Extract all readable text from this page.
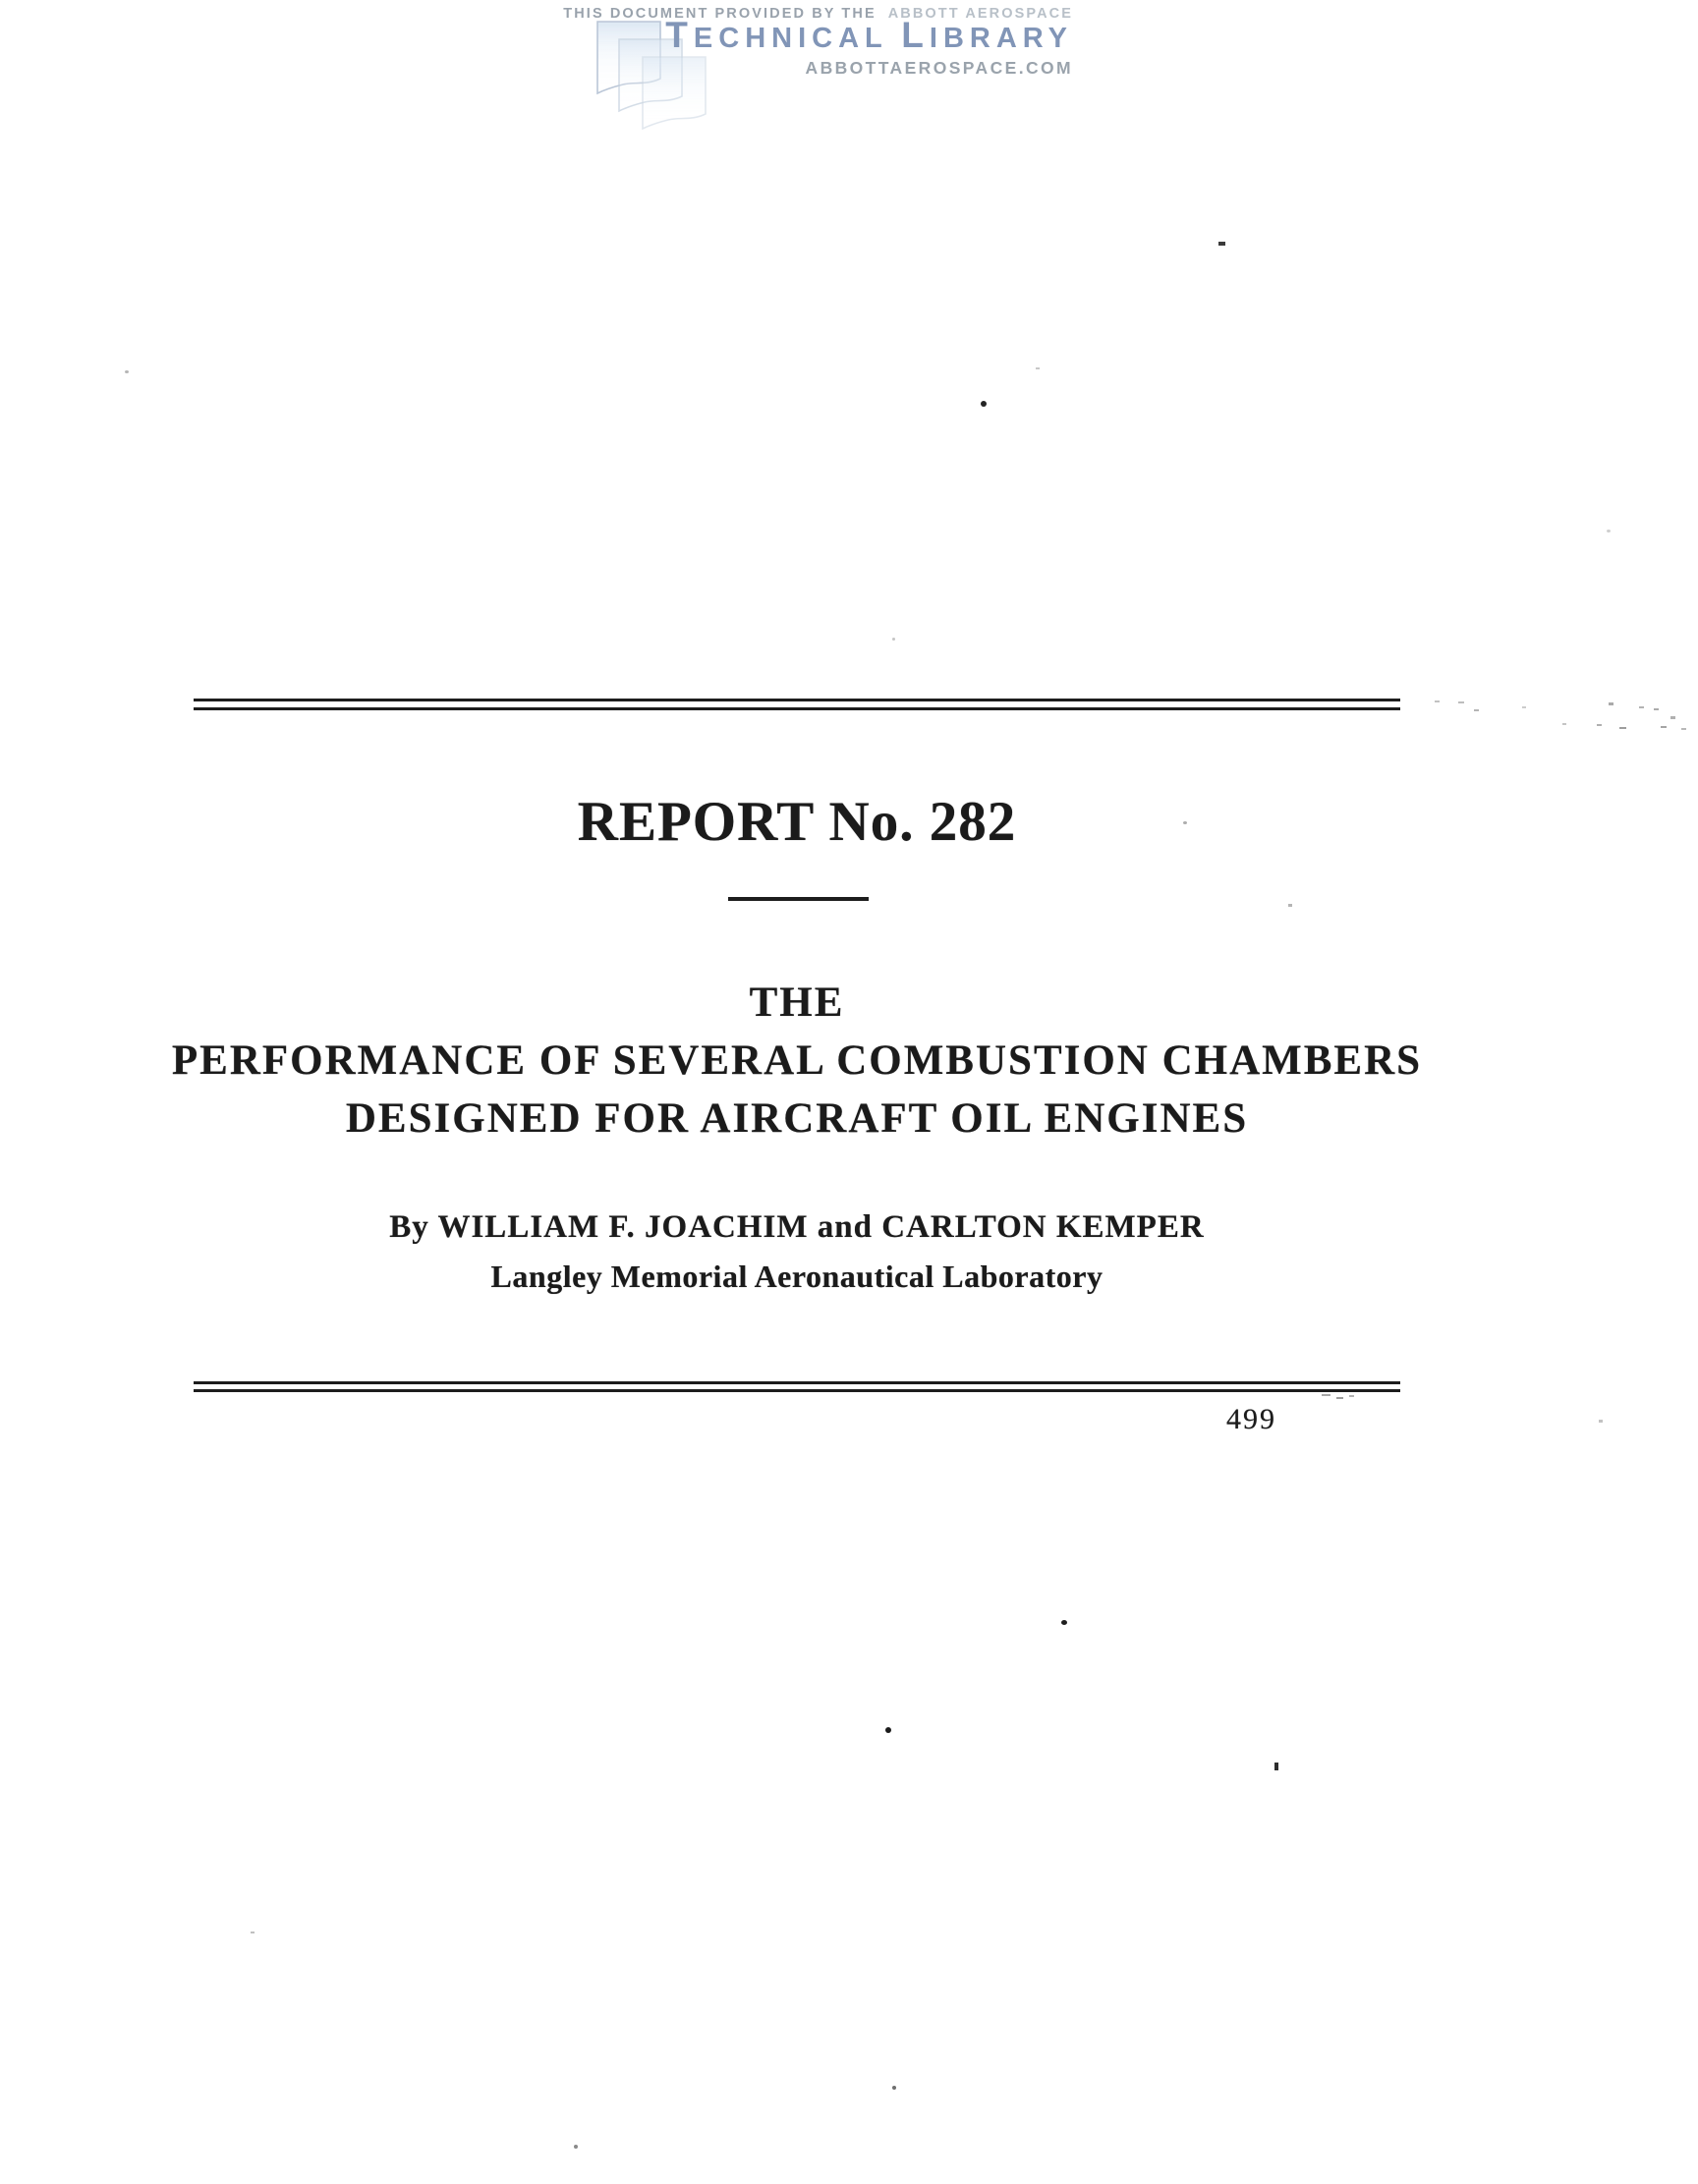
THIS DOCUMENT PROVIDED BY THE ABBOTT AEROSPACE
TECHNICAL LIBRARY
ABBOTTAEROSPACE.COM
REPORT No. 282
THE
PERFORMANCE OF SEVERAL COMBUSTION CHAMBERS
DESIGNED FOR AIRCRAFT OIL ENGINES
By WILLIAM F. JOACHIM and CARLTON KEMPER
Langley Memorial Aeronautical Laboratory
499
